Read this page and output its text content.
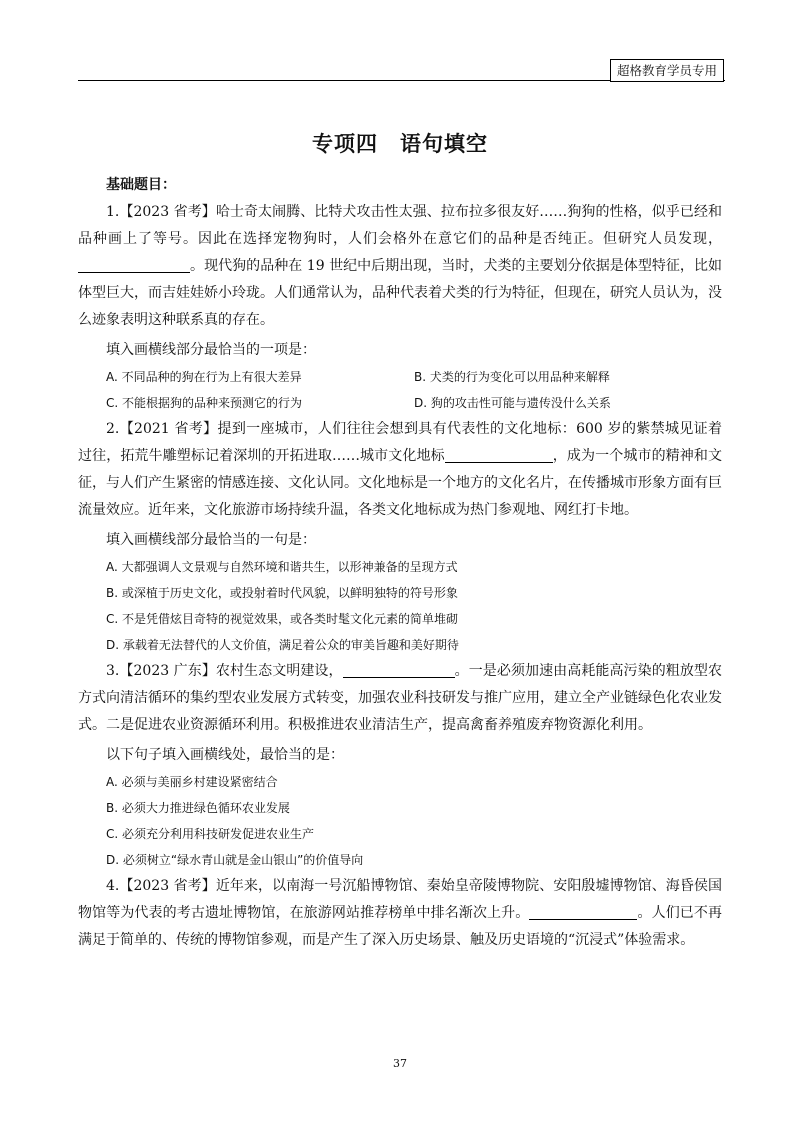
超格教育学员专用
专项四 语句填空
基础题目：
1.【2023 省考】哈士奇太闹腾、比特犬攻击性太强、拉布拉多很友好……狗狗的性格，似乎已经和
品种画上了等号。因此在选择宠物狗时，人们会格外在意它们的品种是否纯正。但研究人员发现，
。现代狗的品种在 19 世纪中后期出现，当时，犬类的主要划分依据是体型特征，比如
体型巨大，而吉娃娃娇小玲珑。人们通常认为，品种代表着犬类的行为特征，但现在，研究人员认为，没
么迹象表明这种联系真的存在。
填入画横线部分最恰当的一项是：
A. 不同品种的狗在行为上有很大差异	B. 犬类的行为变化可以用品种来解释
C. 不能根据狗的品种来预测它的行为	D. 狗的攻击性可能与遗传没什么关系
2.【2021 省考】提到一座城市，人们往往会想到具有代表性的文化地标：600 岁的紫禁城见证着
过往，拓荒牛雕塑标记着深圳的开拓进取……城市文化地标	，成为一个城市的精神和文
征，与人们产生紧密的情感连接、文化认同。文化地标是一个地方的文化名片，在传播城市形象方面有巨
流量效应。近年来，文化旅游市场持续升温，各类文化地标成为热门参观地、网红打卡地。
填入画横线部分最恰当的一句是：
A. 大都强调人文景观与自然环境和谐共生，以形神兼备的呈现方式
B. 或深植于历史文化，或投射着时代风貌，以鲜明独特的符号形象
C. 不是凭借炫目奇特的视觉效果，或各类时髦文化元素的简单堆砌
D. 承载着无法替代的人文价值，满足着公众的审美旨趣和美好期待
3.【2023 广东】农村生态文明建设，	。一是必须加速由高耗能高污染的粗放型农
方式向清洁循环的集约型农业发展方式转变，加强农业科技研发与推广应用，建立全产业链绿色化农业发
式。二是促进农业资源循环利用。积极推进农业清洁生产，提高禽畜养殖废弃物资源化利用。
以下句子填入画横线处，最恰当的是：
A. 必须与美丽乡村建设紧密结合
B. 必须大力推进绿色循环农业发展
C. 必须充分利用科技研发促进农业生产
D. 必须树立“绿水青山就是金山银山”的价值导向
4.【2023 省考】近年来，以南海一号沉船博物馆、秦始皇帝陵博物院、安阳殷墟博物馆、海昏侯国
物馆等为代表的考古遗址博物馆，在旅游网站推荐榜单中排名渐次上升。	。人们已不再
满足于简单的、传统的博物馆参观，而是产生了深入历史场景、触及历史语境的“沉浸式”体验需求。
37
